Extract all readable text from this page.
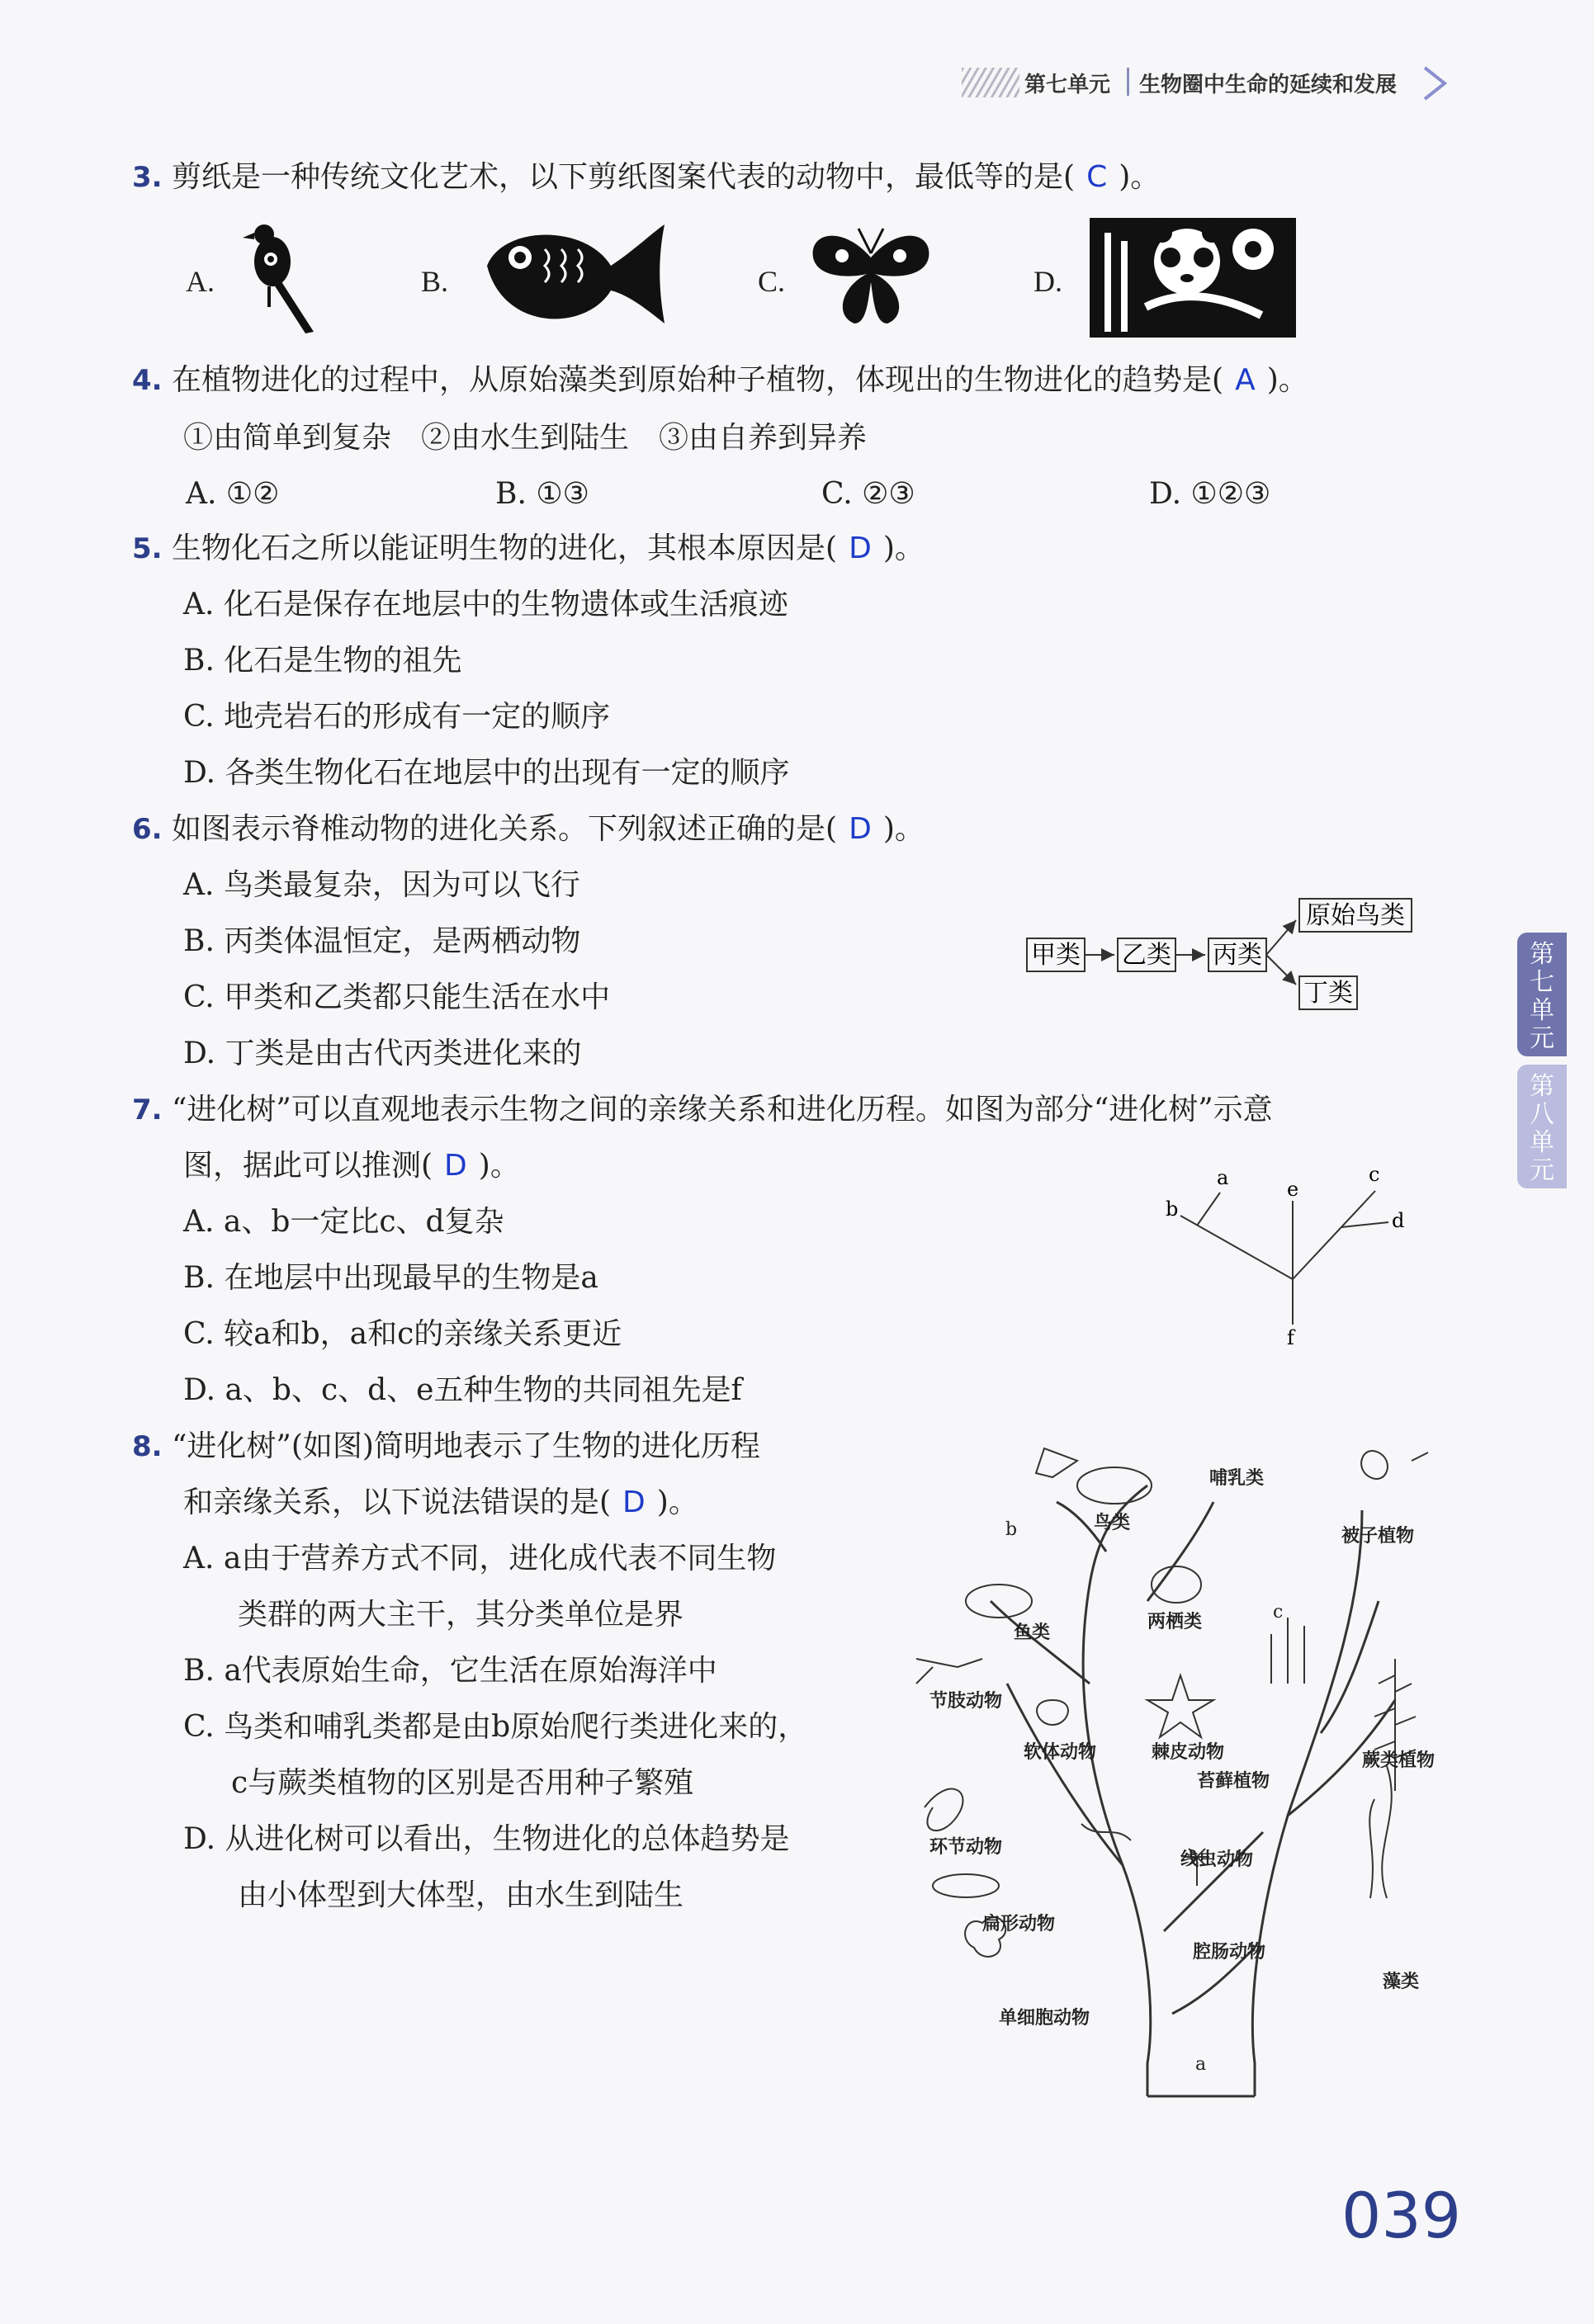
第七单元 生物圈中生命的延续和发展
第
七
单
元
第
八
单
元
3. 剪纸是一种传统文化艺术，以下剪纸图案代表的动物中，最低等的是( C )。
A.	B.	C.	D.
4. 在植物进化的过程中，从原始藻类到原始种子植物，体现出的生物进化的趋势是( A )。
①由简单到复杂　②由水生到陆生　③由自养到异养
A. ①②	B. ①③	C. ②③	D. ①②③
5. 生物化石之所以能证明生物的进化，其根本原因是( D )。
A. 化石是保存在地层中的生物遗体或生活痕迹
B. 化石是生物的祖先
C. 地壳岩石的形成有一定的顺序
D. 各类生物化石在地层中的出现有一定的顺序
6. 如图表示脊椎动物的进化关系。下列叙述正确的是( D )。
A. 鸟类最复杂，因为可以飞行
B. 丙类体温恒定，是两栖动物
C. 甲类和乙类都只能生活在水中
D. 丁类是由古代丙类进化来的
甲类 乙类 丙类
原始鸟类
丁类
7. “进化树”可以直观地表示生物之间的亲缘关系和进化历程。如图为部分“进化树”示意
图，据此可以推测( D )。
A. a、b一定比c、d复杂
B. 在地层中出现最早的生物是a
C. 较a和b，a和c的亲缘关系更近
D. a、b、c、d、e五种生物的共同祖先是f
b
a	e
c
d
f
8. “进化树”(如图)简明地表示了生物的进化历程
和亲缘关系，以下说法错误的是( D )。
A. a由于营养方式不同，进化成代表不同生物
类群的两大主干，其分类单位是界
B. a代表原始生命，它生活在原始海洋中
C. 鸟类和哺乳类都是由b原始爬行类进化来的，
c与蕨类植物的区别是否用种子繁殖
D. 从进化树可以看出，生物进化的总体趋势是
由小体型到大体型，由水生到陆生
哺乳类
鸟类
被子植物
b
c
两栖类
鱼类
节肢动物
软体动物	棘皮动物
苔藓植物
蕨类植物
环节动物
线虫动物
扁形动物
腔肠动物
藻类
单细胞动物
a
039
